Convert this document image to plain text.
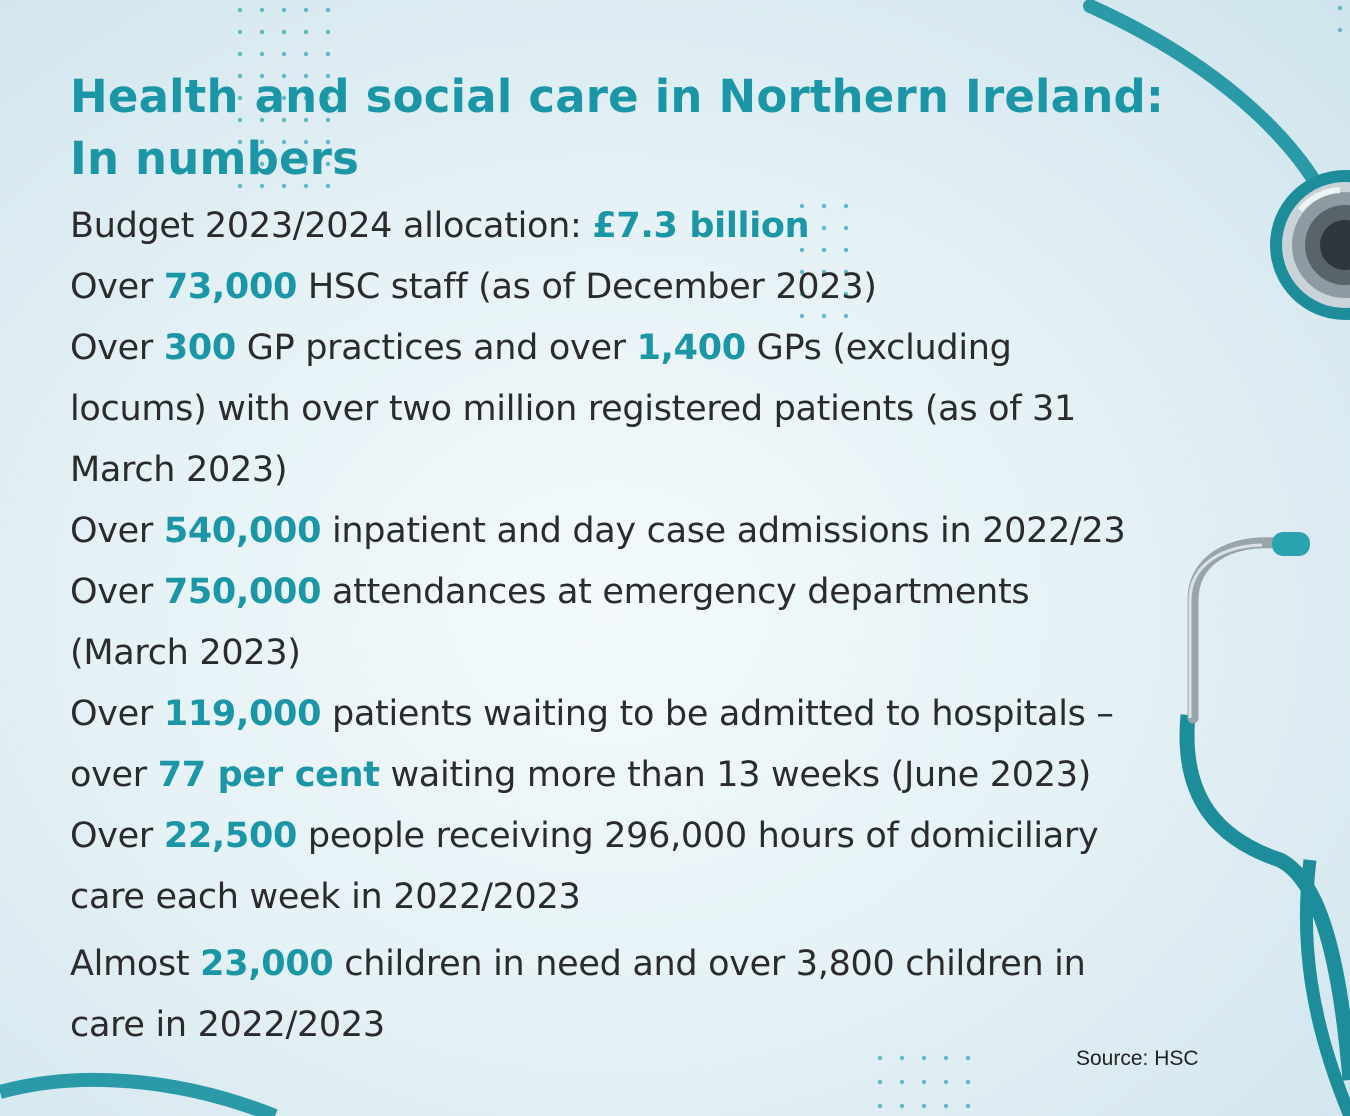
Health and social care in Northern Ireland:
In numbers

Budget 2023/2024 allocation: £7.3 billion

Over 73,000 HSC staff (as of December 2023)

Over 300 GP practices and over 1,400 GPs (excluding
locums) with over two million registered patients (as of 31
March 2023)

Over 540,000 inpatient and day case admissions in 2022/23

Over 750,000 attendances at emergency departments
(March 2023)

Over 119,000 patients waiting to be admitted to hospitals –
over 77 per cent waiting more than 13 weeks (June 2023)

Over 22,500 people receiving 296,000 hours of domiciliary
care each week in 2022/2023

Almost 23,000 children in need and over 3,800 children in
care in 2022/2023

Source: HSC
